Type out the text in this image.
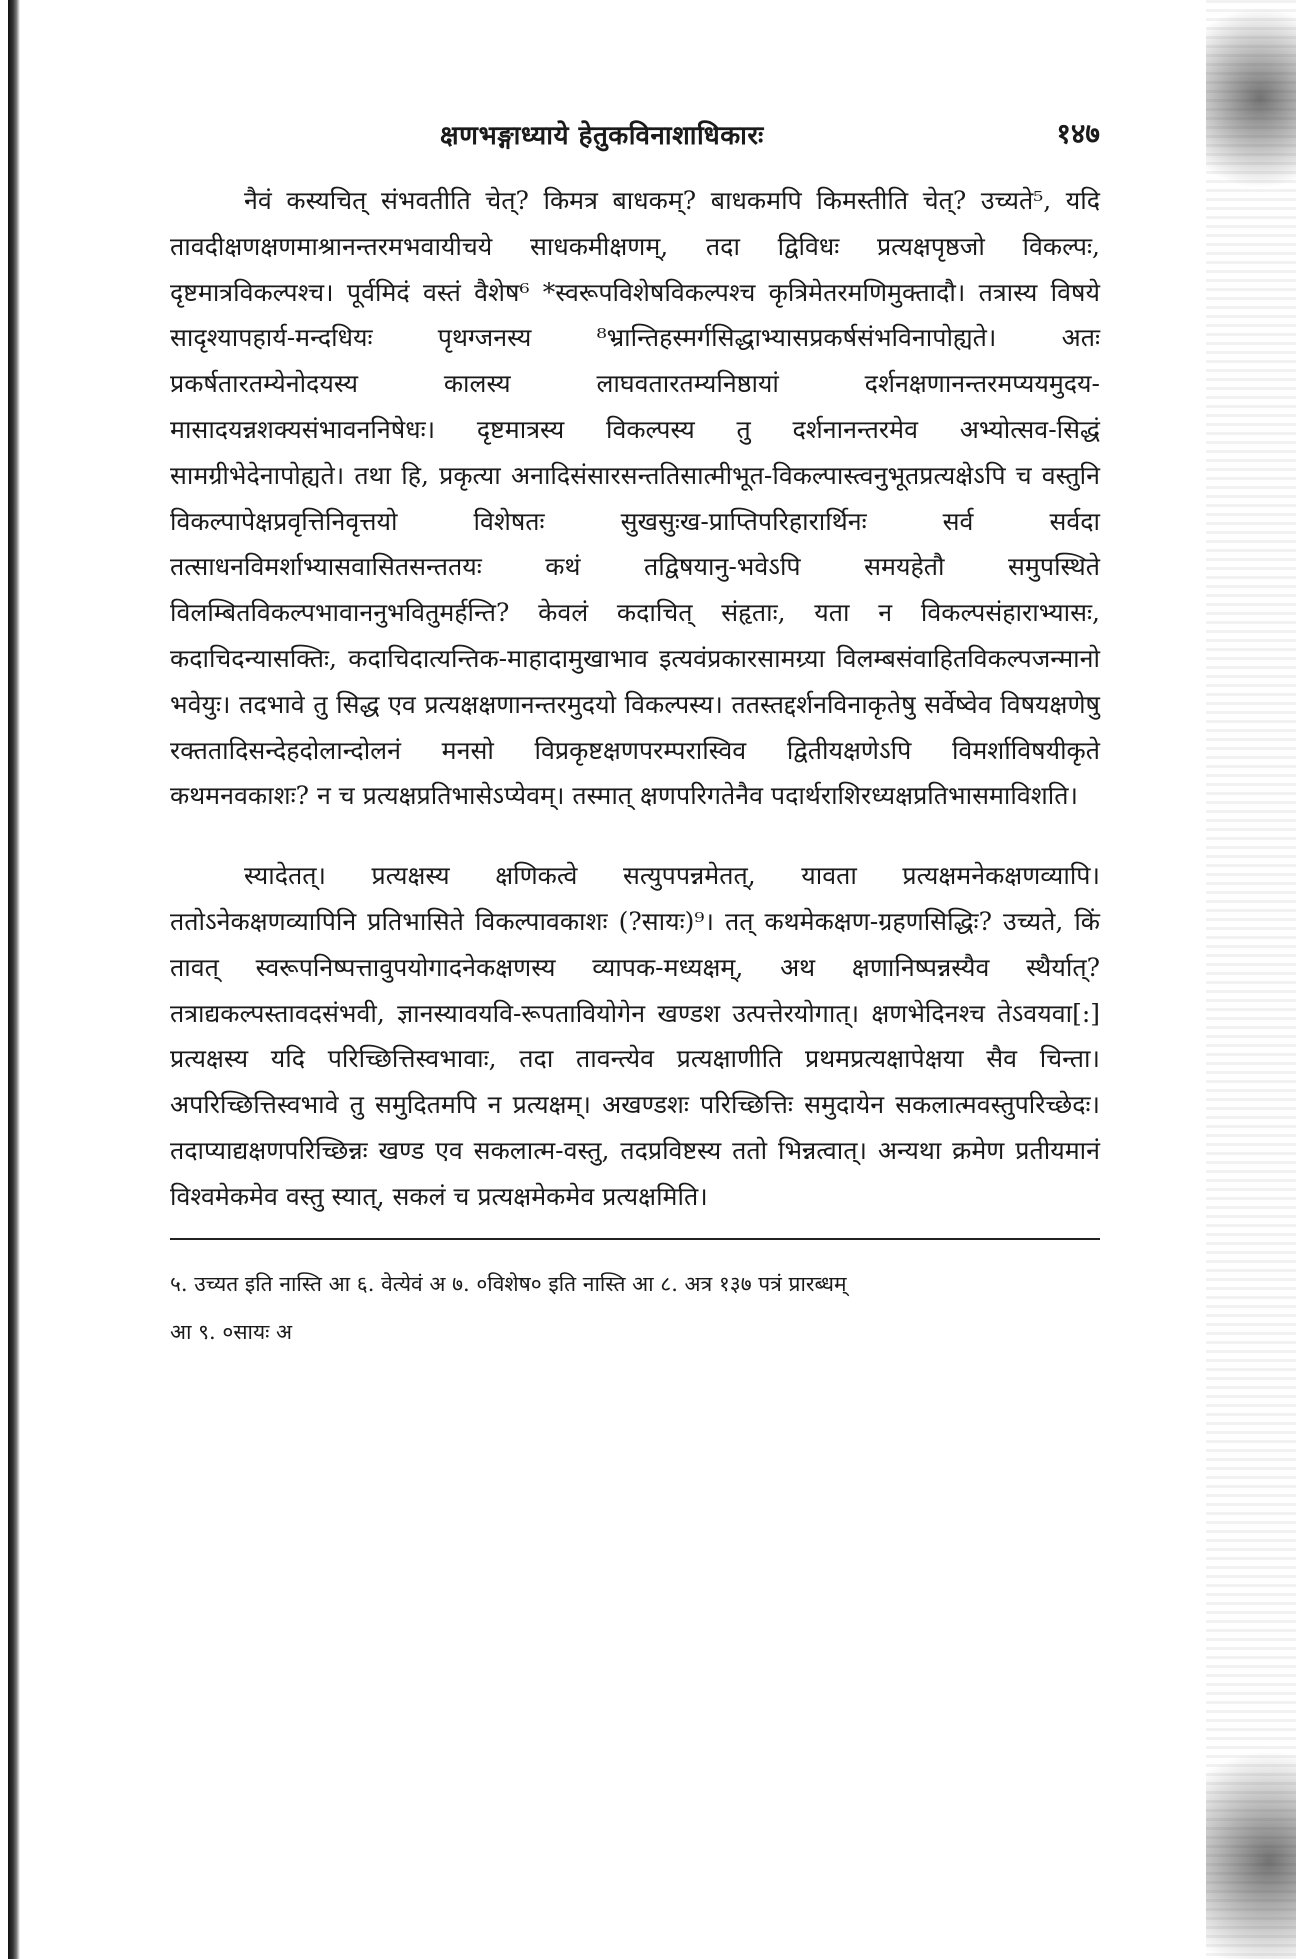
क्षणभङ्गाध्याये हेतुकविनाशाधिकारः	१४७

नैवं कस्यचित् संभवतीति चेत्? किमत्र बाधकम्? बाधकमपि किमस्तीति चेत्? उच्यते⁵, यदि तावदीक्षणक्षणमाश्रानन्तरमभवायीचये साधकमीक्षणम्, तदा द्विविधः प्रत्यक्षपृष्ठजो विकल्पः, दृष्टमात्रविकल्पश्च। पूर्वमिदं वस्तं वैशेष⁶ *स्वरूपविशेषविकल्पश्च कृत्रिमेतरमणिमुक्तादौ। तत्रास्य विषये सादृश्यापहार्य-मन्दधियः पृथग्जनस्य ⁸भ्रान्तिहस्मर्गसिद्धाभ्यासप्रकर्षसंभविनापोह्यते। अतः प्रकर्षतारतम्येनोदयस्य कालस्य लाघवतारतम्यनिष्ठायां दर्शनक्षणानन्तरमप्ययमुदय-मासादयन्नशक्यसंभावननिषेधः। दृष्टमात्रस्य विकल्पस्य तु दर्शनानन्तरमेव अभ्योत्सव-सिद्धं सामग्रीभेदेनापोह्यते। तथा हि, प्रकृत्या अनादिसंसारसन्ततिसात्मीभूत-विकल्पास्त्वनुभूतप्रत्यक्षेऽपि च वस्तुनि विकल्पापेक्षप्रवृत्तिनिवृत्तयो विशेषतः सुखसुःख-प्राप्तिपरिहारार्थिनः सर्व सर्वदा तत्साधनविमर्शाभ्यासवासितसन्ततयः कथं तद्विषयानु-भवेऽपि समयहेतौ समुपस्थिते विलम्बितविकल्पभावाननुभवितुमर्हन्ति? केवलं कदाचित् संहृताः, यता न विकल्पसंहाराभ्यासः, कदाचिदन्यासक्तिः, कदाचिदात्यन्तिक-माहादामुखाभाव इत्यवंप्रकारसामग्र्या विलम्बसंवाहितविकल्पजन्मानो भवेयुः। तदभावे तु सिद्ध एव प्रत्यक्षक्षणानन्तरमुदयो विकल्पस्य। ततस्तद्दर्शनविनाकृतेषु सर्वेष्वेव विषयक्षणेषु रक्ततादिसन्देहदोलान्दोलनं मनसो विप्रकृष्टक्षणपरम्परास्विव द्वितीयक्षणेऽपि विमर्शाविषयीकृते कथमनवकाशः? न च प्रत्यक्षप्रतिभासेऽप्येवम्। तस्मात् क्षणपरिगतेनैव पदार्थराशिरध्यक्षप्रतिभासमाविशति।

स्यादेतत्। प्रत्यक्षस्य क्षणिकत्वे सत्युपपन्नमेतत्, यावता प्रत्यक्षमनेकक्षणव्यापि। ततोऽनेकक्षणव्यापिनि प्रतिभासिते विकल्पावकाशः (?सायः)⁹। तत् कथमेकक्षण-ग्रहणसिद्धिः? उच्यते, किं तावत् स्वरूपनिष्पत्तावुपयोगादनेकक्षणस्य व्यापक-मध्यक्षम्, अथ क्षणानिष्पन्नस्यैव स्थैर्यात्? तत्राद्यकल्पस्तावदसंभवी, ज्ञानस्यावयवि-रूपतावियोगेन खण्डश उत्पत्तेरयोगात्। क्षणभेदिनश्च तेऽवयवा[:] प्रत्यक्षस्य यदि परिच्छित्तिस्वभावाः, तदा तावन्त्येव प्रत्यक्षाणीति प्रथमप्रत्यक्षापेक्षया सैव चिन्ता। अपरिच्छित्तिस्वभावे तु समुदितमपि न प्रत्यक्षम्। अखण्डशः परिच्छित्तिः समुदायेन सकलात्मवस्तुपरिच्छेदः। तदाप्याद्यक्षणपरिच्छिन्नः खण्ड एव सकलात्म-वस्तु, तदप्रविष्टस्य ततो भिन्नत्वात्। अन्यथा क्रमेण प्रतीयमानं विश्वमेकमेव वस्तु स्यात्, सकलं च प्रत्यक्षमेकमेव प्रत्यक्षमिति।

५. उच्यत इति नास्ति आ ६. वेत्येवं अ ७. ०विशेष० इति नास्ति आ ८. अत्र १३७ पत्रं प्रारब्धम्
आ ९. ०सायः अ
